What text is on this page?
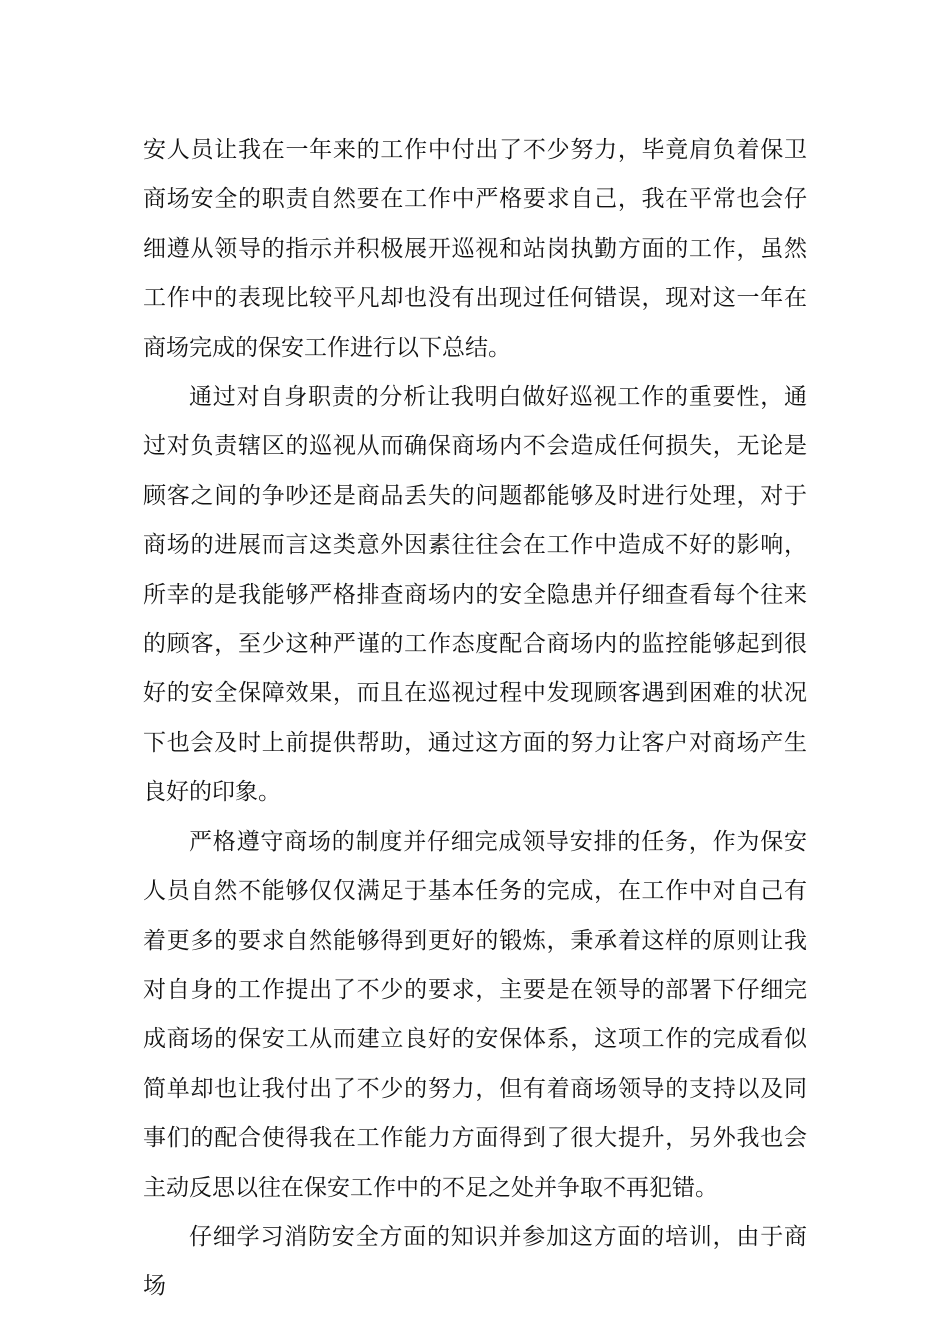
安人员让我在一年来的工作中付出了不少努力，毕竟肩负着保卫商场安全的职责自然要在工作中严格要求自己，我在平常也会仔细遵从领导的指示并积极展开巡视和站岗执勤方面的工作，虽然工作中的表现比较平凡却也没有出现过任何错误，现对这一年在商场完成的保安工作进行以下总结。

通过对自身职责的分析让我明白做好巡视工作的重要性，通过对负责辖区的巡视从而确保商场内不会造成任何损失，无论是顾客之间的争吵还是商品丢失的问题都能够及时进行处理，对于商场的进展而言这类意外因素往往会在工作中造成不好的影响，所幸的是我能够严格排查商场内的安全隐患并仔细查看每个往来的顾客，至少这种严谨的工作态度配合商场内的监控能够起到很好的安全保障效果，而且在巡视过程中发现顾客遇到困难的状况下也会及时上前提供帮助，通过这方面的努力让客户对商场产生良好的印象。

严格遵守商场的制度并仔细完成领导安排的任务，作为保安人员自然不能够仅仅满足于基本任务的完成，在工作中对自己有着更多的要求自然能够得到更好的锻炼，秉承着这样的原则让我对自身的工作提出了不少的要求，主要是在领导的部署下仔细完成商场的保安工从而建立良好的安保体系，这项工作的完成看似简单却也让我付出了不少的努力，但有着商场领导的支持以及同事们的配合使得我在工作能力方面得到了很大提升，另外我也会主动反思以往在保安工作中的不足之处并争取不再犯错。

仔细学习消防安全方面的知识并参加这方面的培训，由于商场
